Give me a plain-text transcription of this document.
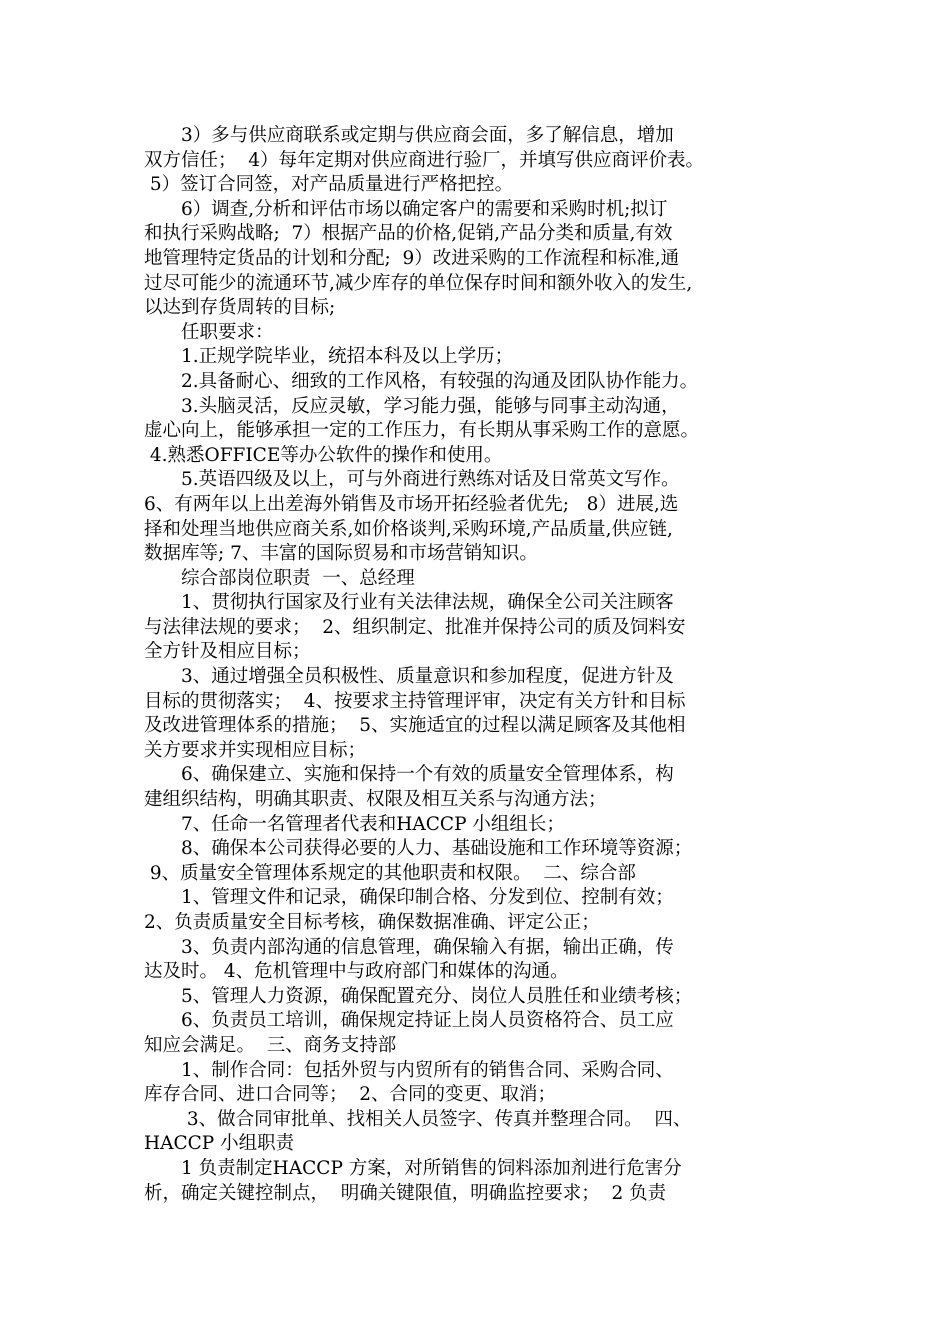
3）多与供应商联系或定期与供应商会面，多了解信息，增加
双方信任；  4）每年定期对供应商进行验厂，并填写供应商评价表。
5）签订合同签，对产品质量进行严格把控。
6）调查,分析和评估市场以确定客户的需要和采购时机;拟订
和执行采购战略;  7）根据产品的价格,促销,产品分类和质量,有效
地管理特定货品的计划和分配;  9）改进采购的工作流程和标准,通
过尽可能少的流通环节,减少库存的单位保存时间和额外收入的发生,
以达到存货周转的目标;
任职要求：
1.正规学院毕业，统招本科及以上学历；
2.具备耐心、细致的工作风格，有较强的沟通及团队协作能力。
3.头脑灵活，反应灵敏，学习能力强，能够与同事主动沟通，
虚心向上，能够承担一定的工作压力，有长期从事采购工作的意愿。
4.熟悉OFFICE等办公软件的操作和使用。
5.英语四级及以上，可与外商进行熟练对话及日常英文写作。
6、有两年以上出差海外销售及市场开拓经验者优先;   8）进展,选
择和处理当地供应商关系,如价格谈判,采购环境,产品质量,供应链,
数据库等; 7、丰富的国际贸易和市场营销知识。
综合部岗位职责  一、总经理
1、贯彻执行国家及行业有关法律法规，确保全公司关注顾客
与法律法规的要求；  2、组织制定、批准并保持公司的质及饲料安
全方针及相应目标；
3、通过增强全员积极性、质量意识和参加程度，促进方针及
目标的贯彻落实；  4、按要求主持管理评审，决定有关方针和目标
及改进管理体系的措施；  5、实施适宜的过程以满足顾客及其他相
关方要求并实现相应目标；
6、确保建立、实施和保持一个有效的质量安全管理体系，构
建组织结构，明确其职责、权限及相互关系与沟通方法；
7、任命一名管理者代表和HACCP 小组组长；
8、确保本公司获得必要的人力、基础设施和工作环境等资源；
9、质量安全管理体系规定的其他职责和权限。  二、综合部
1、管理文件和记录，确保印制合格、分发到位、控制有效；
2、负责质量安全目标考核，确保数据准确、评定公正；
3、负责内部沟通的信息管理，确保输入有据，输出正确，传
达及时。 4、危机管理中与政府部门和媒体的沟通。
5、管理人力资源，确保配置充分、岗位人员胜任和业绩考核；
6、负责员工培训，确保规定持证上岗人员资格符合、员工应
知应会满足。  三、商务支持部
1、制作合同：包括外贸与内贸所有的销售合同、采购合同、
库存合同、进口合同等；  2、合同的变更、取消；
3、做合同审批单、找相关人员签字、传真并整理合同。  四、
HACCP 小组职责
1 负责制定HACCP 方案，对所销售的饲料添加剂进行危害分
析，确定关键控制点，  明确关键限值，明确监控要求；  2 负责
